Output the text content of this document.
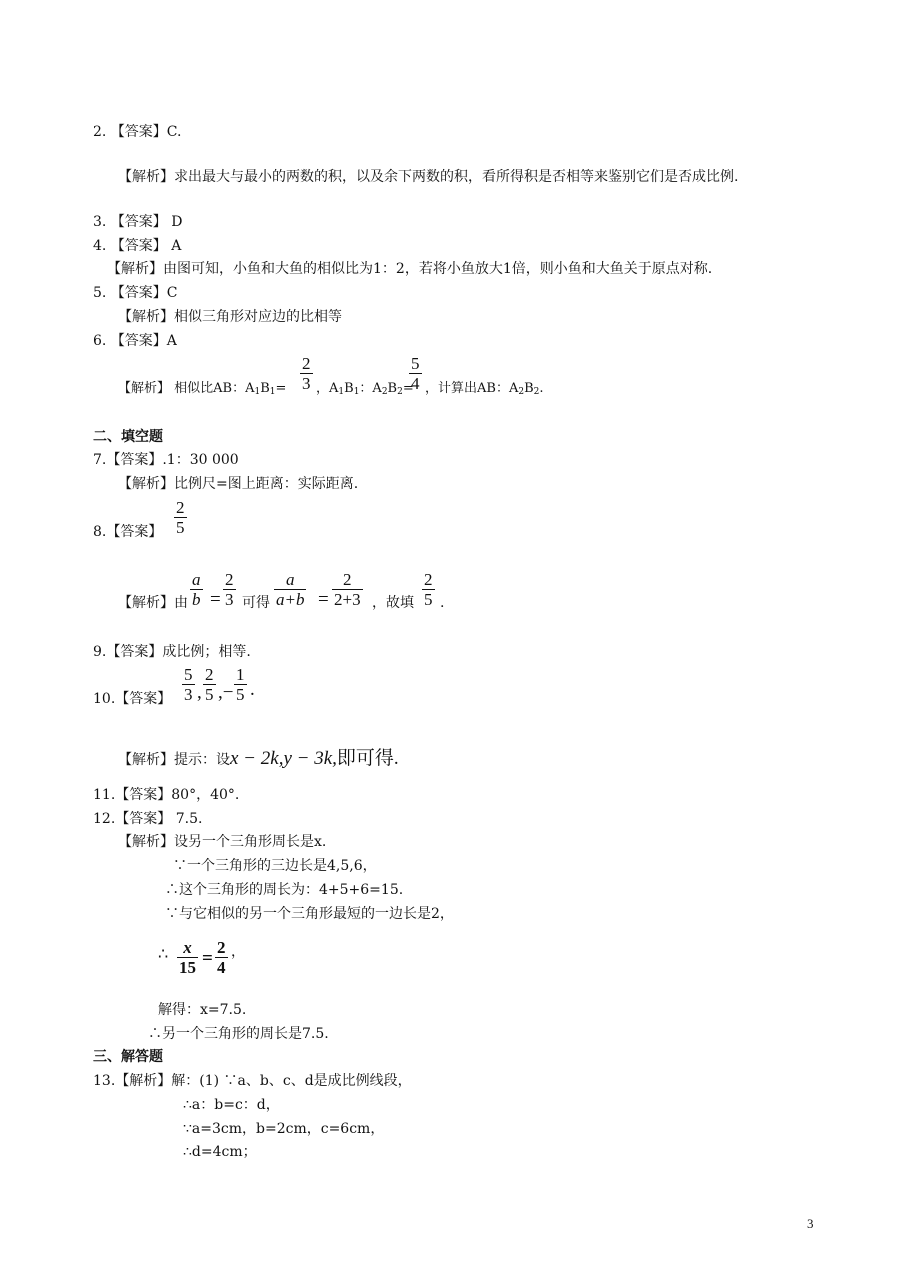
2. 【答案】C.
【解析】求出最大与最小的两数的积，以及余下两数的积，看所得积是否相等来鉴别它们是否成比例.
3. 【答案】 D
4. 【答案】 A
【解析】由图可知，小鱼和大鱼的相似比为1：2，若将小鱼放大1倍，则小鱼和大鱼关于原点对称.
5. 【答案】C
【解析】相似三角形对应边的比相等
6. 【答案】A
【解析】 相似比AB：$A_1B_1=$
2
3 ，$A_1B_1$：$A_2B_2=$
5
4 ，计算出AB：$A_2B_2$.
二、填空题
7.【答案】.1：30 000
【解析】比例尺=图上距离：实际距离.
8.【答案】
2
5
【解析】由
a
b =
2
3 可得
a
a+b =
2
2+3 ，故填
2
5 .
9.【答案】成比例；相等.
10.【答案】
5
3 ,
2
5 ,−
1
5 .
【解析】提示：设x − 2k,y − 3k,即可得.
11.【答案】80°，40°.
12.【答案】 7.5.
【解析】设另一个三角形周长是x.
∵一个三角形的三边长是4,5,6，
∴这个三角形的周长为：4+5+6=15.
∵与它相似的另一个三角形最短的一边长是2，
∴ x
15 =
2
4
，
解得：x=7.5.
∴另一个三角形的周长是7.5.
三、解答题
13.【解析】解：(1) ∵a、b、c、d是成比例线段，
∴a：b=c：d，
∵a=3cm，b=2cm，c=6cm，
∴d=4cm；
3
